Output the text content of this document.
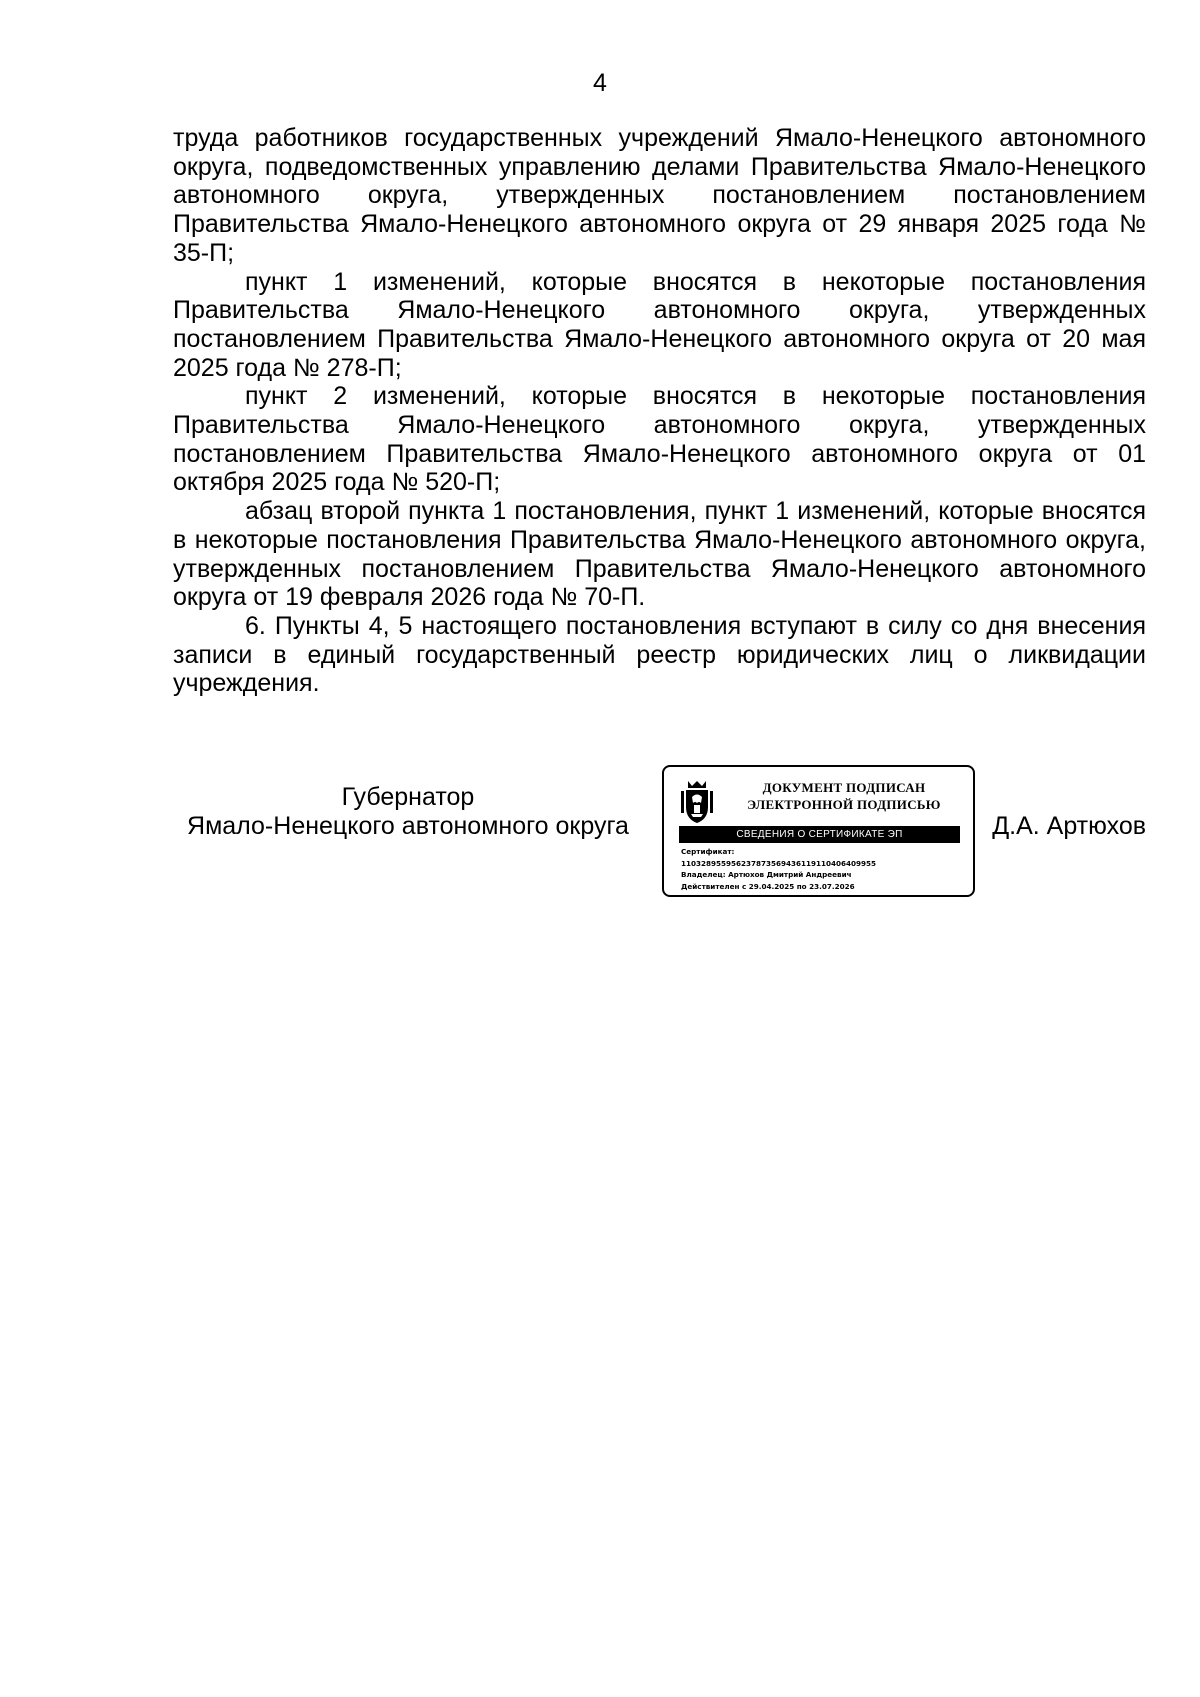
4

труда работников государственных учреждений Ямало-Ненецкого автономного округа, подведомственных управлению делами Правительства Ямало-Ненецкого автономного округа, утвержденных постановлением постановлением Правительства Ямало-Ненецкого автономного округа от 29 января 2025 года № 35-П;

пункт 1 изменений, которые вносятся в некоторые постановления Правительства Ямало-Ненецкого автономного округа, утвержденных постановлением Правительства Ямало-Ненецкого автономного округа от 20 мая 2025 года № 278-П;

пункт 2 изменений, которые вносятся в некоторые постановления Правительства Ямало-Ненецкого автономного округа, утвержденных постановлением Правительства Ямало-Ненецкого автономного округа от 01 октября 2025 года № 520-П;

абзац второй пункта 1 постановления, пункт 1 изменений, которые вносятся в некоторые постановления Правительства Ямало-Ненецкого автономного округа, утвержденных постановлением Правительства Ямало-Ненецкого автономного округа от 19 февраля 2026 года № 70-П.

6. Пункты 4, 5 настоящего постановления вступают в силу со дня внесения записи в единый государственный реестр юридических лиц о ликвидации учреждения.

Губернатор
Ямало-Ненецкого автономного округа
ДОКУМЕНТ ПОДПИСАН
ЭЛЕКТРОННОЙ ПОДПИСЬЮ
СВЕДЕНИЯ О СЕРТИФИКАТЕ ЭП
Сертификат:
110328955956237873569436119110406409955
Владелец: Артюхов Дмитрий Андреевич
Действителен с 29.04.2025 по 23.07.2026
Д.А. Артюхов
